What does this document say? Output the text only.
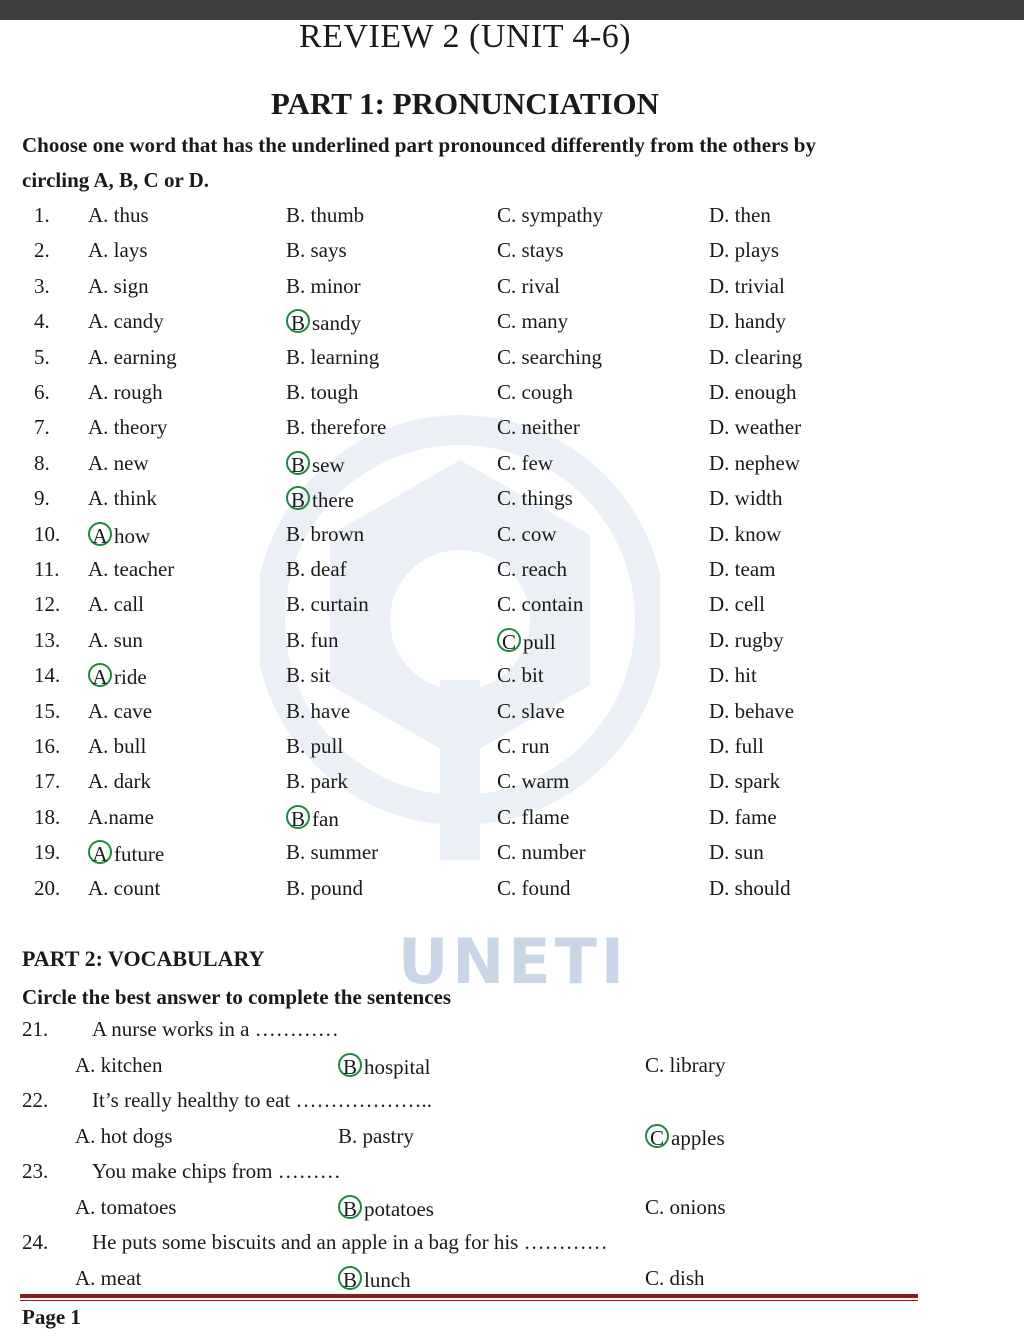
UNETI
REVIEW 2 (UNIT 4-6)
PART 1: PRONUNCIATION
Choose one word that has the underlined part pronounced differently from the others by
circling A, B, C or D.
1. A. thus	B. thumb	C. sympathy	D. then
2. A. lays	B. says	C. stays	D. plays
3. A. sign	B. minor	C. rival	D. trivial
4. A. candy	B sandy	C. many	D. handy
5. A. earning	B. learning	C. searching	D. clearing
6. A. rough	B. tough	C. cough	D. enough
7. A. theory	B. therefore	C. neither	D. weather
8. A. new	B sew	C. few	D. nephew
9. A. think	B there	C. things	D. width
10. A how	B. brown	C. cow	D. know
11. A. teacher	B. deaf	C. reach	D. team
12. A. call	B. curtain	C. contain	D. cell
13. A. sun	B. fun	C pull	D. rugby
14. A ride	B. sit	C. bit	D. hit
15. A. cave	B. have	C. slave	D. behave
16. A. bull	B. pull	C. run	D. full
17. A. dark	B. park	C. warm	D. spark
18. A.name	B fan	C. flame	D. fame
19. A future	B. summer	C. number	D. sun
20. A. count	B. pound	C. found	D. should
PART 2: VOCABULARY
Circle the best answer to complete the sentences
21. A nurse works in a …………
A. kitchen	B hospital	C. library
22. It’s really healthy to eat ………………..
A. hot dogs	B. pastry	C apples
23. You make chips from ………
A. tomatoes	B potatoes	C. onions
24. He puts some biscuits and an apple in a bag for his …………
A. meat	B lunch	C. dish
Page 1
